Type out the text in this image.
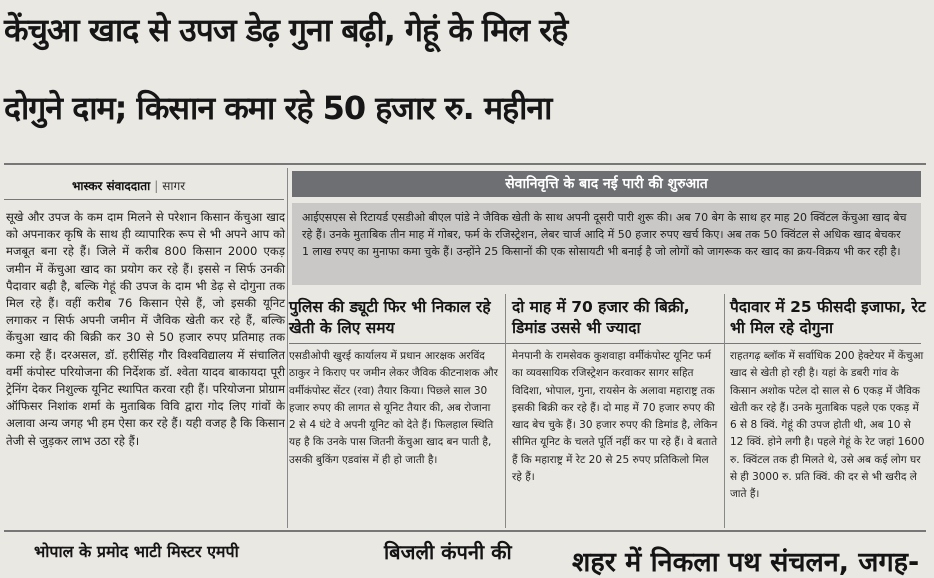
केंचुआ खाद से उपज डेढ़ गुना बढ़ी, गेहूं के मिल रहे
दोगुने दाम; किसान कमा रहे 50 हजार रु. महीना
भास्कर संवाददाता | सागर
सूखे और उपज के कम दाम मिलने से परेशान किसान केंचुआ खाद को अपनाकर कृषि के साथ ही व्यापारिक रूप से भी अपने आप को मजबूत बना रहे हैं। जिले में करीब 800 किसान 2000 एकड़ जमीन में केंचुआ खाद का प्रयोग कर रहे हैं। इससे न सिर्फ उनकी पैदावार बढ़ी है, बल्कि गेहूं की उपज के दाम भी डेढ़ से दोगुना तक मिल रहे हैं। वहीं करीब 76 किसान ऐसे हैं, जो इसकी यूनिट लगाकर न सिर्फ अपनी जमीन में जैविक खेती कर रहे हैं, बल्कि केंचुआ खाद की बिक्री कर 30 से 50 हजार रुपए प्रतिमाह तक कमा रहे हैं। दरअसल, डॉ. हरीसिंह गौर विश्वविद्यालय में संचालित वर्मी कंपोस्ट परियोजना की निर्देशक डॉ. श्वेता यादव बाकायदा पूरी ट्रेनिंग देकर निशुल्क यूनिट स्थापित करवा रही हैं। परियोजना प्रोग्राम ऑफिसर निशांक शर्मा के मुताबिक विवि द्वारा गोद लिए गांवों के अलावा अन्य जगह भी हम ऐसा कर रहे हैं। यही वजह है कि किसान तेजी से जुड़कर लाभ उठा रहे हैं।
सेवानिवृत्ति के बाद नई पारी की शुरुआत
आईएसएस से रिटायर्ड एसडीओ बीएल पांडे ने जैविक खेती के साथ अपनी दूसरी पारी शुरू की। अब 70 बेग के साथ हर माह 20 क्विंटल केंचुआ खाद बेच रहे हैं। उनके मुताबिक तीन माह में गोबर, फर्म के रजिस्ट्रेशन, लेबर चार्ज आदि में 50 हजार रुपए खर्च किए। अब तक 50 क्विंटल से अधिक खाद बेचकर 1 लाख रुपए का मुनाफा कमा चुके हैं। उन्होंने 25 किसानों की एक सोसायटी भी बनाई है जो लोगों को जागरूक कर खाद का क्रय-विक्रय भी कर रही है।
पुलिस की ड्यूटी फिर भी निकाल रहे खेती के लिए समय
दो माह में 70 हजार की बिक्री, डिमांड उससे भी ज्यादा
पैदावार में 25 फीसदी इजाफा, रेट भी मिल रहे दोगुना
एसडीओपी खुरई कार्यालय में प्रधान आरक्षक अरविंद ठाकुर ने किराए पर जमीन लेकर जैविक कीटनाशक और वर्मीकंपोस्ट सेंटर (रवा) तैयार किया। पिछले साल 30 हजार रुपए की लागत से यूनिट तैयार की, अब रोजाना 2 से 4 घंटे वे अपनी यूनिट को देते हैं। फिलहाल स्थिति यह है कि उनके पास जितनी केंचुआ खाद बन पाती है, उसकी बुकिंग एडवांस में ही हो जाती है।
मेनपानी के रामसेवक कुशवाहा वर्मीकंपोस्ट यूनिट फर्म का व्यवसायिक रजिस्ट्रेशन करवाकर सागर सहित विदिशा, भोपाल, गुना, रायसेन के अलावा महाराष्ट्र तक इसकी बिक्री कर रहे हैं। दो माह में 70 हजार रुपए की खाद बेच चुके हैं। 30 हजार रुपए की डिमांड है, लेकिन सीमित यूनिट के चलते पूर्ति नहीं कर पा रहे हैं। वे बताते हैं कि महाराष्ट्र में रेट 20 से 25 रुपए प्रतिकिलो मिल रहे हैं।
राहतगढ़ ब्लॉक में सर्वाधिक 200 हेक्टेयर में केंचुआ खाद से खेती हो रही है। यहां के डबरी गांव के किसान अशोक पटेल दो साल से 6 एकड़ में जैविक खेती कर रहे हैं। उनके मुताबिक पहले एक एकड़ में 6 से 8 क्विं. गेहूं की उपज होती थी, अब 10 से 12 क्विं. होने लगी है। पहले गेहूं के रेट जहां 1600 रु. क्विंटल तक ही मिलते थे, उसे अब कई लोग घर से ही 3000 रु. प्रति क्विं. की दर से भी खरीद ले जाते हैं।
भोपाल के प्रमोद भाटी मिस्टर एमपी	बिजली कंपनी की शहर में निकला पथ संचलन, जगह-
